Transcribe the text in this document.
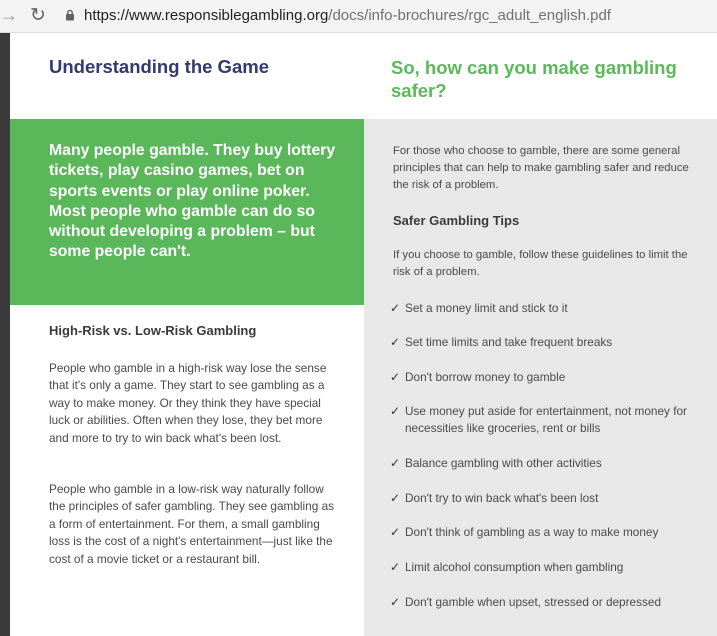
→ ↻	https://www.responsiblegambling.org/docs/info-brochures/rgc_adult_english.pdf
Understanding the Game	So, how can you make gambling safer?
Many people gamble. They buy lottery tickets, play casino games, bet on sports events or play online poker. Most people who gamble can do so without developing a problem – but some people can't.
High-Risk vs. Low-Risk Gambling
People who gamble in a high-risk way lose the sense that it's only a game. They start to see gambling as a way to make money. Or they think they have special luck or abilities. Often when they lose, they bet more and more to try to win back what's been lost.
People who gamble in a low-risk way naturally follow the principles of safer gambling. They see gambling as a form of entertainment. For them, a small gambling loss is the cost of a night's entertainment—just like the cost of a movie ticket or a restaurant bill.
For those who choose to gamble, there are some general principles that can help to make gambling safer and reduce the risk of a problem.
Safer Gambling Tips
If you choose to gamble, follow these guidelines to limit the risk of a problem.
✓ Set a money limit and stick to it
✓ Set time limits and take frequent breaks
✓ Don't borrow money to gamble
✓ Use money put aside for entertainment, not money for necessities like groceries, rent or bills
✓ Balance gambling with other activities
✓ Don't try to win back what's been lost
✓ Don't think of gambling as a way to make money
✓ Limit alcohol consumption when gambling
✓ Don't gamble when upset, stressed or depressed
